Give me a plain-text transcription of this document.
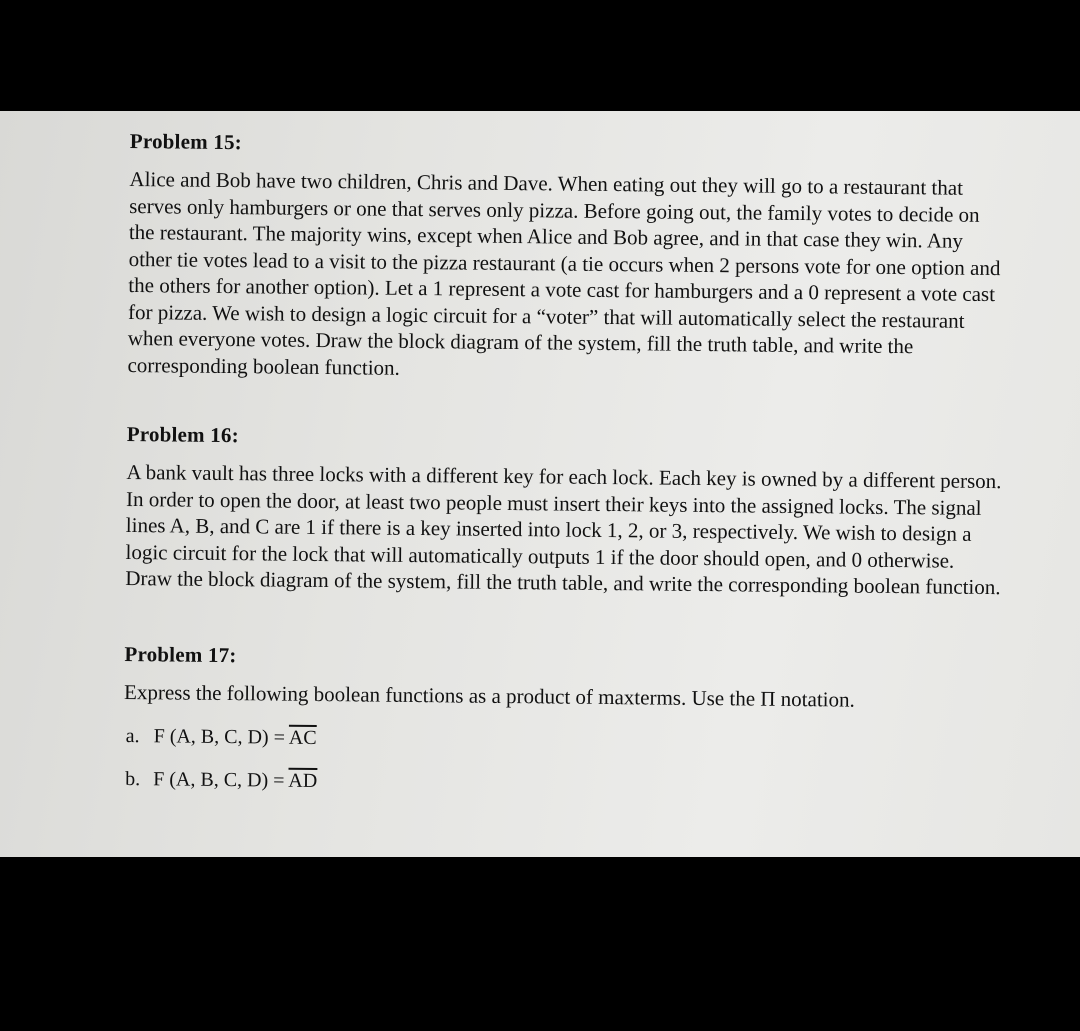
Problem 15:

Alice and Bob have two children, Chris and Dave. When eating out they will go to a restaurant that serves only hamburgers or one that serves only pizza. Before going out, the family votes to decide on the restaurant. The majority wins, except when Alice and Bob agree, and in that case they win. Any other tie votes lead to a visit to the pizza restaurant (a tie occurs when 2 persons vote for one option and the others for another option). Let a 1 represent a vote cast for hamburgers and a 0 represent a vote cast for pizza. We wish to design a logic circuit for a “voter” that will automatically select the restaurant when everyone votes. Draw the block diagram of the system, fill the truth table, and write the corresponding boolean function.

Problem 16:

A bank vault has three locks with a different key for each lock. Each key is owned by a different person. In order to open the door, at least two people must insert their keys into the assigned locks. The signal lines A, B, and C are 1 if there is a key inserted into lock 1, 2, or 3, respectively. We wish to design a logic circuit for the lock that will automatically outputs 1 if the door should open, and 0 otherwise. Draw the block diagram of the system, fill the truth table, and write the corresponding boolean function.

Problem 17:

Express the following boolean functions as a product of maxterms. Use the Π notation.

a. F (A, B, C, $D) = \overline{AC}$
b. F (A, B, C, $D) = \overline{AD}$
